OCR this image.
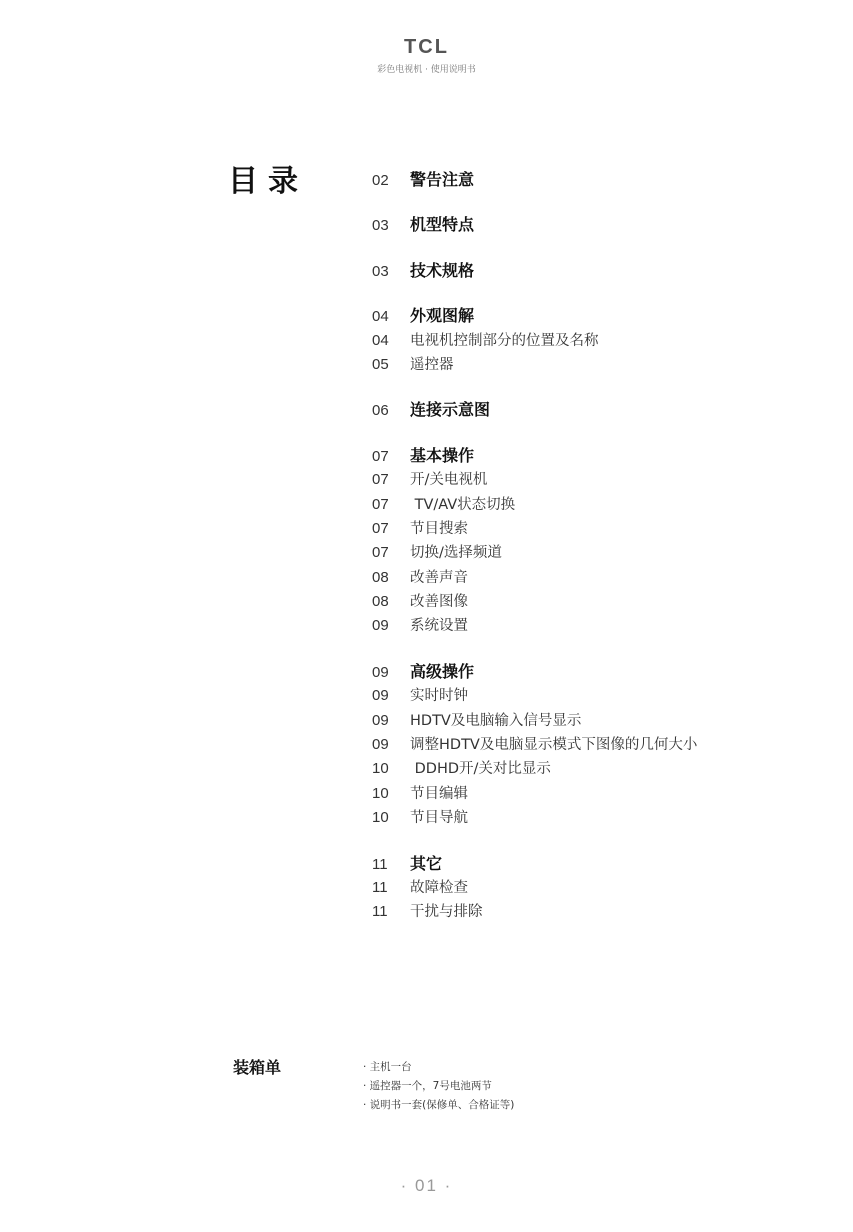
TCL
彩色电视机 · 使用说明书
目录	02	警告注意
03	机型特点
03	技术规格
04	外观图解
04	电视机控制部分的位置及名称
05	遥控器
06	连接示意图
07	基本操作
07	开/关电视机
07	TV/AV状态切换
07	节目搜索
07	切换/选择频道
08	改善声音
08	改善图像
09	系统设置
09	高级操作
09	实时时钟
09	HDTV及电脑输入信号显示
09	调整HDTV及电脑显示模式下图像的几何大小
10	DDHD开/关对比显示
10	节目编辑
10	节目导航
11	其它
11	故障检查
11	干扰与排除
装箱单	· 主机一台
· 遥控器一个，7号电池两节
· 说明书一套(保修单、合格证等)
· 01 ·
